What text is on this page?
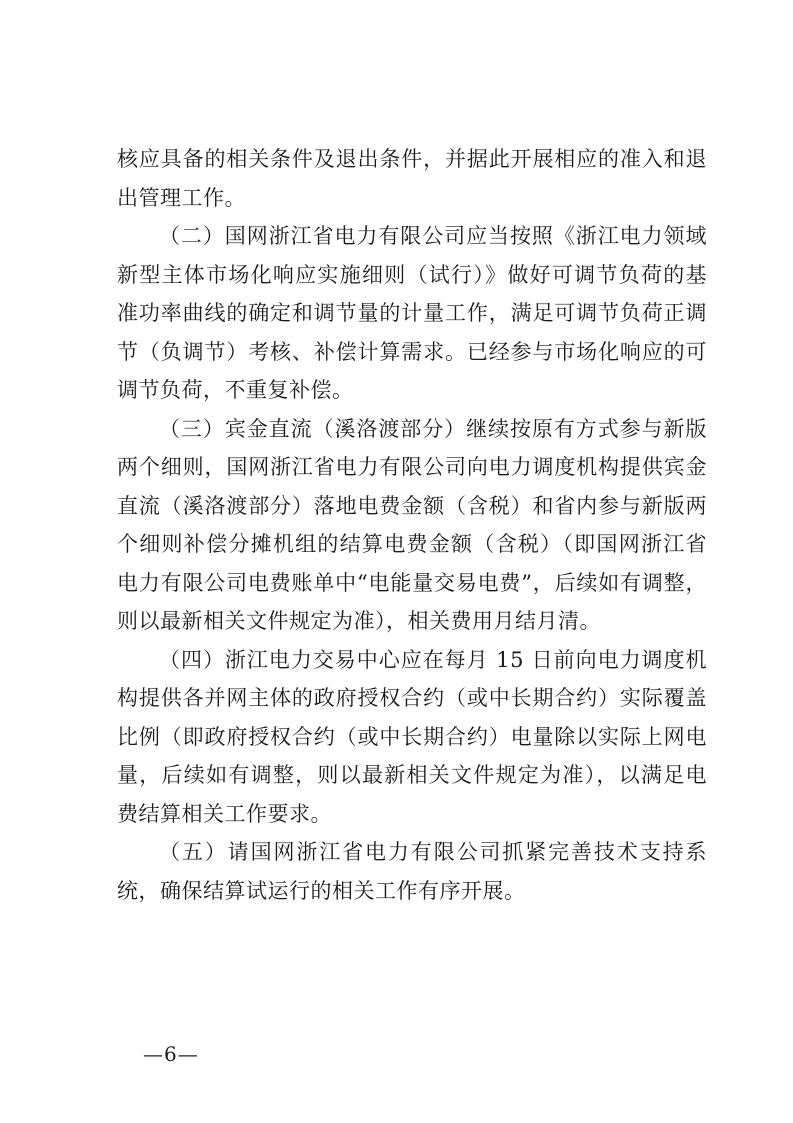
核应具备的相关条件及退出条件，并据此开展相应的准入和退出管理工作。

（二）国网浙江省电力有限公司应当按照《浙江电力领域新型主体市场化响应实施细则（试行）》做好可调节负荷的基准功率曲线的确定和调节量的计量工作，满足可调节负荷正调节（负调节）考核、补偿计算需求。已经参与市场化响应的可调节负荷，不重复补偿。

（三）宾金直流（溪洛渡部分）继续按原有方式参与新版两个细则，国网浙江省电力有限公司向电力调度机构提供宾金直流（溪洛渡部分）落地电费金额（含税）和省内参与新版两个细则补偿分摊机组的结算电费金额（含税）（即国网浙江省电力有限公司电费账单中“电能量交易电费”，后续如有调整，则以最新相关文件规定为准），相关费用月结月清。

（四）浙江电力交易中心应在每月 15 日前向电力调度机构提供各并网主体的政府授权合约（或中长期合约）实际覆盖比例（即政府授权合约（或中长期合约）电量除以实际上网电量，后续如有调整，则以最新相关文件规定为准），以满足电费结算相关工作要求。

（五）请国网浙江省电力有限公司抓紧完善技术支持系统，确保结算试运行的相关工作有序开展。

—6—
